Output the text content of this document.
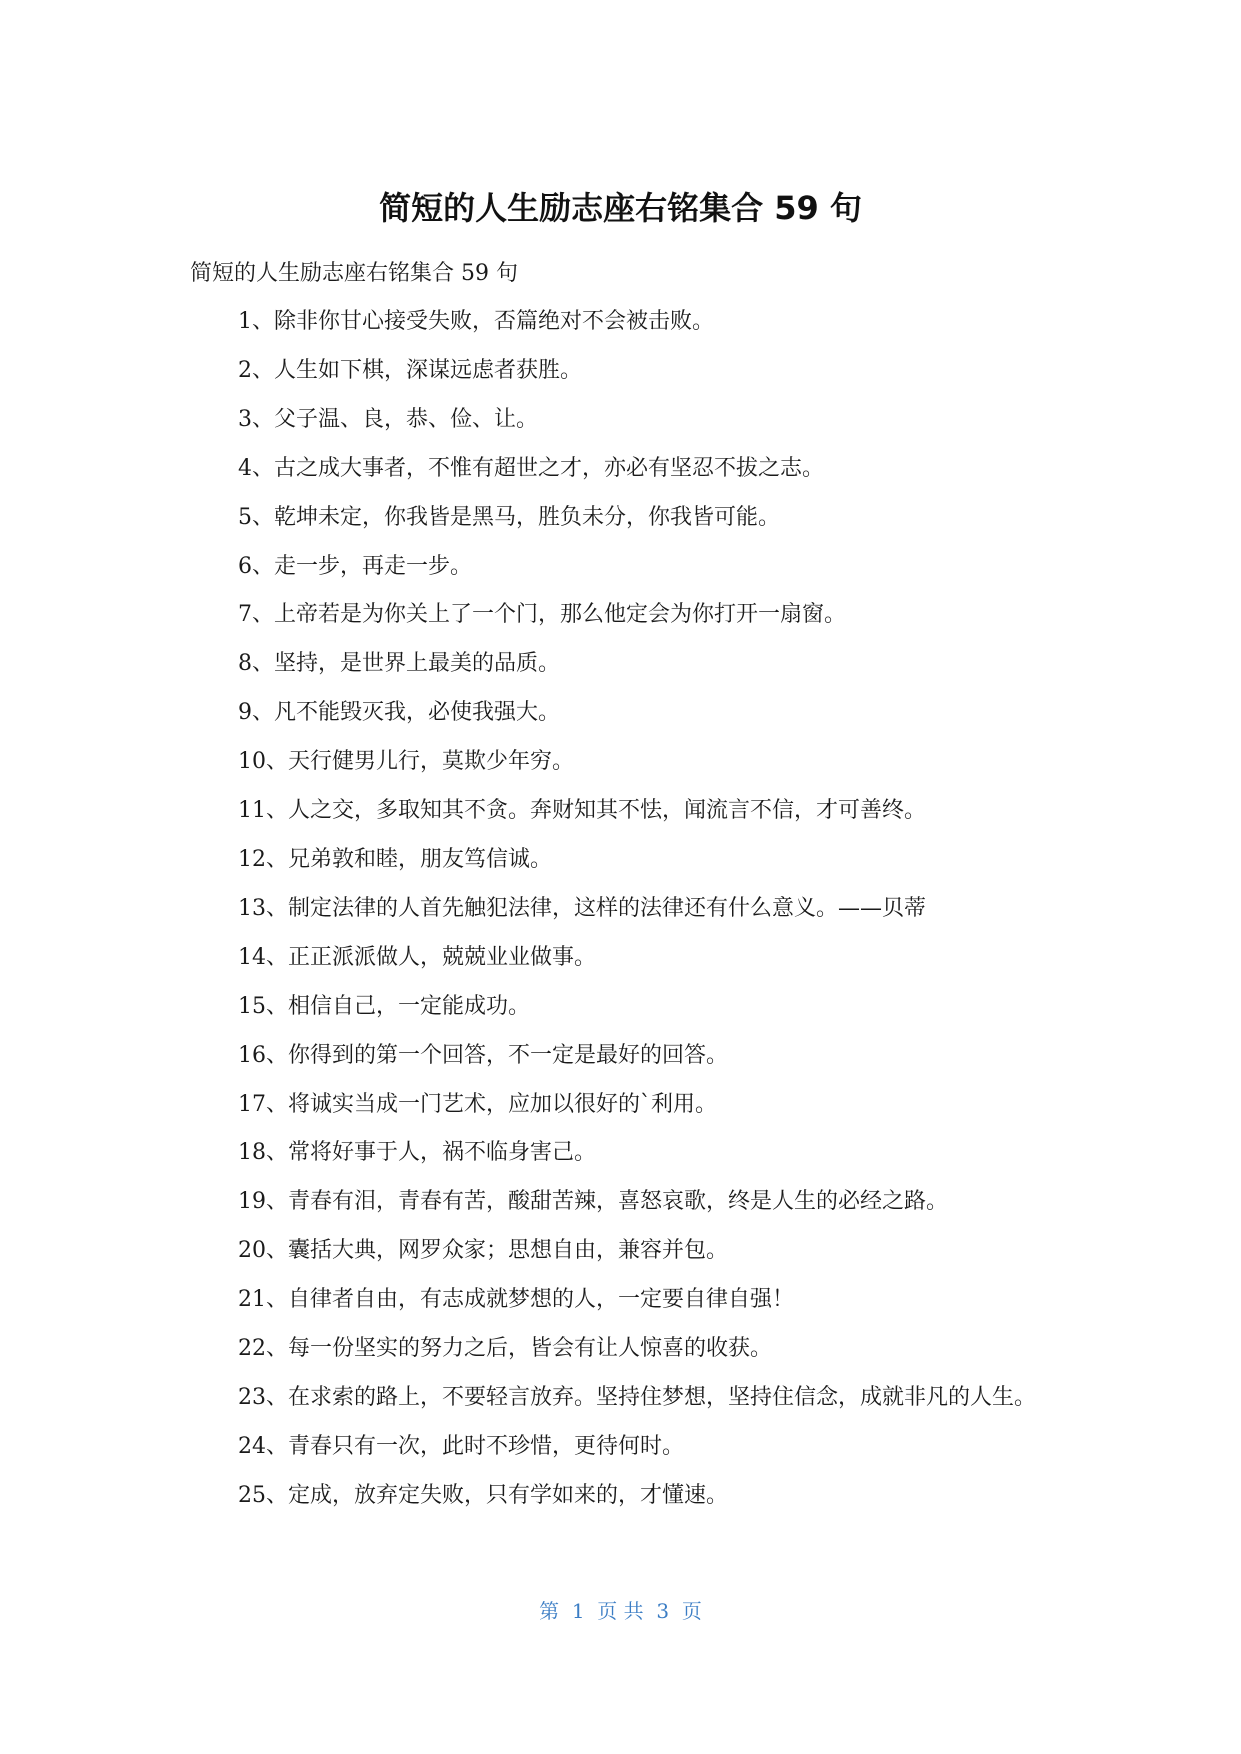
简短的人生励志座右铭集合 59 句

简短的人生励志座右铭集合 59 句

1、除非你甘心接受失败，否篇绝对不会被击败。
2、人生如下棋，深谋远虑者获胜。
3、父子温、良，恭、俭、让。
4、古之成大事者，不惟有超世之才，亦必有坚忍不拔之志。
5、乾坤未定，你我皆是黑马，胜负未分，你我皆可能。
6、走一步，再走一步。
7、上帝若是为你关上了一个门，那么他定会为你打开一扇窗。
8、坚持，是世界上最美的品质。
9、凡不能毁灭我，必使我强大。
10、天行健男儿行，莫欺少年穷。
11、人之交，多取知其不贪。奔财知其不怯，闻流言不信，才可善终。
12、兄弟敦和睦，朋友笃信诚。
13、制定法律的人首先触犯法律，这样的法律还有什么意义。——贝蒂
14、正正派派做人，兢兢业业做事。
15、相信自己，一定能成功。
16、你得到的第一个回答，不一定是最好的回答。
17、将诚实当成一门艺术，应加以很好的`利用。
18、常将好事于人，祸不临身害己。
19、青春有泪，青春有苦，酸甜苦辣，喜怒哀歌，终是人生的必经之路。
20、囊括大典，网罗众家；思想自由，兼容并包。
21、自律者自由，有志成就梦想的人，一定要自律自强！
22、每一份坚实的努力之后，皆会有让人惊喜的收获。
23、在求索的路上，不要轻言放弃。坚持住梦想，坚持住信念，成就非凡的人生。
24、青春只有一次，此时不珍惜，更待何时。
25、定成，放弃定失败，只有学如来的，才懂速。

第  1  页 共  3  页
